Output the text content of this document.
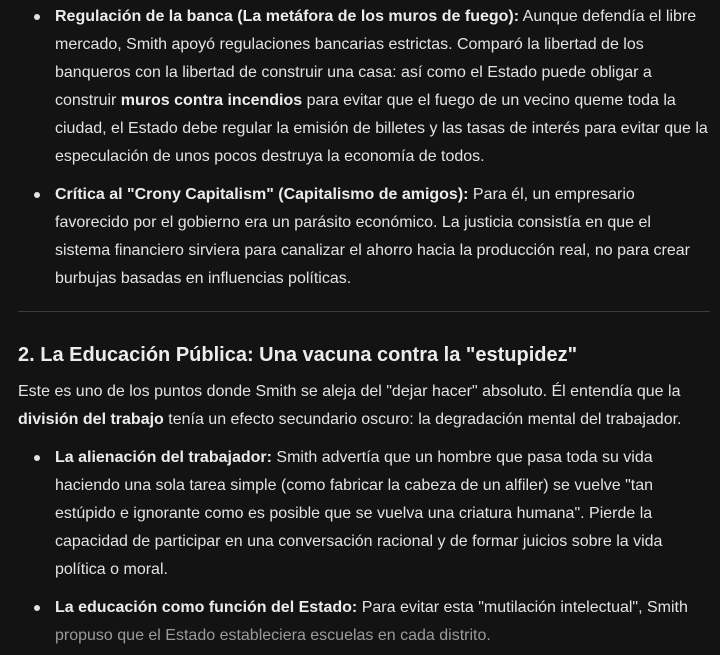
Regulación de la banca (La metáfora de los muros de fuego): Aunque defendía el libre mercado, Smith apoyó regulaciones bancarias estrictas. Comparó la libertad de los banqueros con la libertad de construir una casa: así como el Estado puede obligar a construir muros contra incendios para evitar que el fuego de un vecino queme toda la ciudad, el Estado debe regular la emisión de billetes y las tasas de interés para evitar que la especulación de unos pocos destruya la economía de todos.
Crítica al "Crony Capitalism" (Capitalismo de amigos): Para él, un empresario favorecido por el gobierno era un parásito económico. La justicia consistía en que el sistema financiero sirviera para canalizar el ahorro hacia la producción real, no para crear burbujas basadas en influencias políticas.
2. La Educación Pública: Una vacuna contra la "estupidez"

Este es uno de los puntos donde Smith se aleja del "dejar hacer" absoluto. Él entendía que la división del trabajo tenía un efecto secundario oscuro: la degradación mental del trabajador.

La alienación del trabajador: Smith advertía que un hombre que pasa toda su vida haciendo una sola tarea simple (como fabricar la cabeza de un alfiler) se vuelve "tan estúpido e ignorante como es posible que se vuelva una criatura humana". Pierde la capacidad de participar en una conversación racional y de formar juicios sobre la vida política o moral.
La educación como función del Estado: Para evitar esta "mutilación intelectual", Smith propuso que el Estado estableciera escuelas en cada distrito.
